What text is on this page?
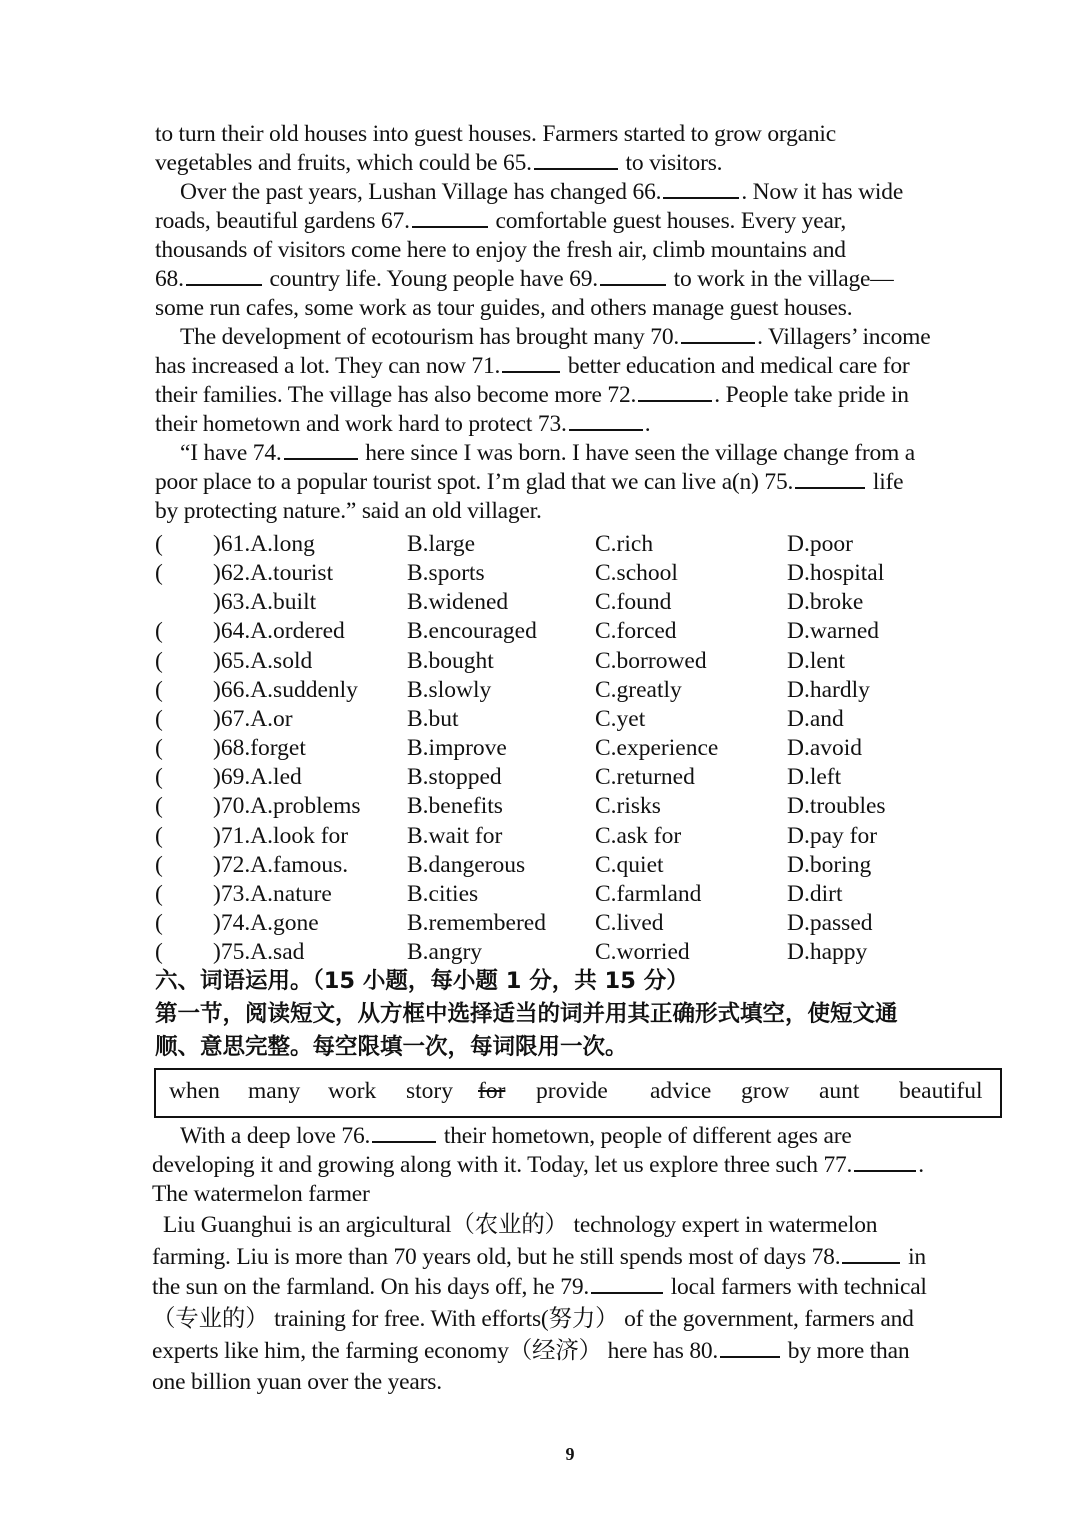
to turn their old houses into guest houses. Farmers started to grow organic
vegetables and fruits, which could be 65.	to visitors.
Over the past years, Lushan Village has changed 66.	. Now it has wide
roads, beautiful gardens 67.	comfortable guest houses. Every year,
thousands of visitors come here to enjoy the fresh air, climb mountains and
68.	country life. Young people have 69.	to work in the village—
some run cafes, some work as tour guides, and others manage guest houses.
The development of ecotourism has brought many 70.	. Villagers’ income
has increased a lot. They can now 71.	better education and medical care for
their families. The village has also become more 72.	. People take pride in
their hometown and work hard to protect 73.	.
“I have 74.	here since I was born. I have seen the village change from a
poor place to a popular tourist spot. I’m glad that we can live a(n) 75.	life
by protecting nature.” said an old villager.
( )61.A.long	B.large	C.rich	D.poor
( )62.A.tourist	B.sports	C.school	D.hospital
)63.A.built	B.widened	C.found	D.broke
( )64.A.ordered	B.encouraged C.forced	D.warned
( )65.A.sold	B.bought	C.borrowed	D.lent
( )66.A.suddenly B.slowly	C.greatly	D.hardly
( )67.A.or	B.but	C.yet	D.and
( )68.forget	B.improve	C.experience	D.avoid
( )69.A.led	B.stopped	C.returned	D.left
( )70.A.problems B.benefits	C.risks	D.troubles
( )71.A.look for	B.wait for	C.ask for	D.pay for
( )72.A.famous.	B.dangerous	C.quiet	D.boring
( )73.A.nature	B.cities	C.farmland	D.dirt
( )74.A.gone	B.remembered C.lived	D.passed
( )75.A.sad	B.angry	C.worried	D.happy
六、词语运用。（15 小题，每小题 1 分，共 15 分）
第一节，阅读短文，从方框中选择适当的词并用其正确形式填空，使短文通
顺、意思完整。每空限填一次，每词限用一次。
when many work story for provide advice grow aunt beautiful
With a deep love 76.	their hometown, people of different ages are
developing it and growing along with it. Today, let us explore three such 77.	.
The watermelon farmer
Liu Guanghui is an argicultural（农业的） technology expert in watermelon
farming. Liu is more than 70 years old, but he still spends most of days 78.	in
the sun on the farmland. On his days off, he 79.	local farmers with technical
（专业的） training for free. With efforts(努力） of the government, farmers and
experts like him, the farming economy（经济） here has 80.	by more than
one billion yuan over the years.
9
